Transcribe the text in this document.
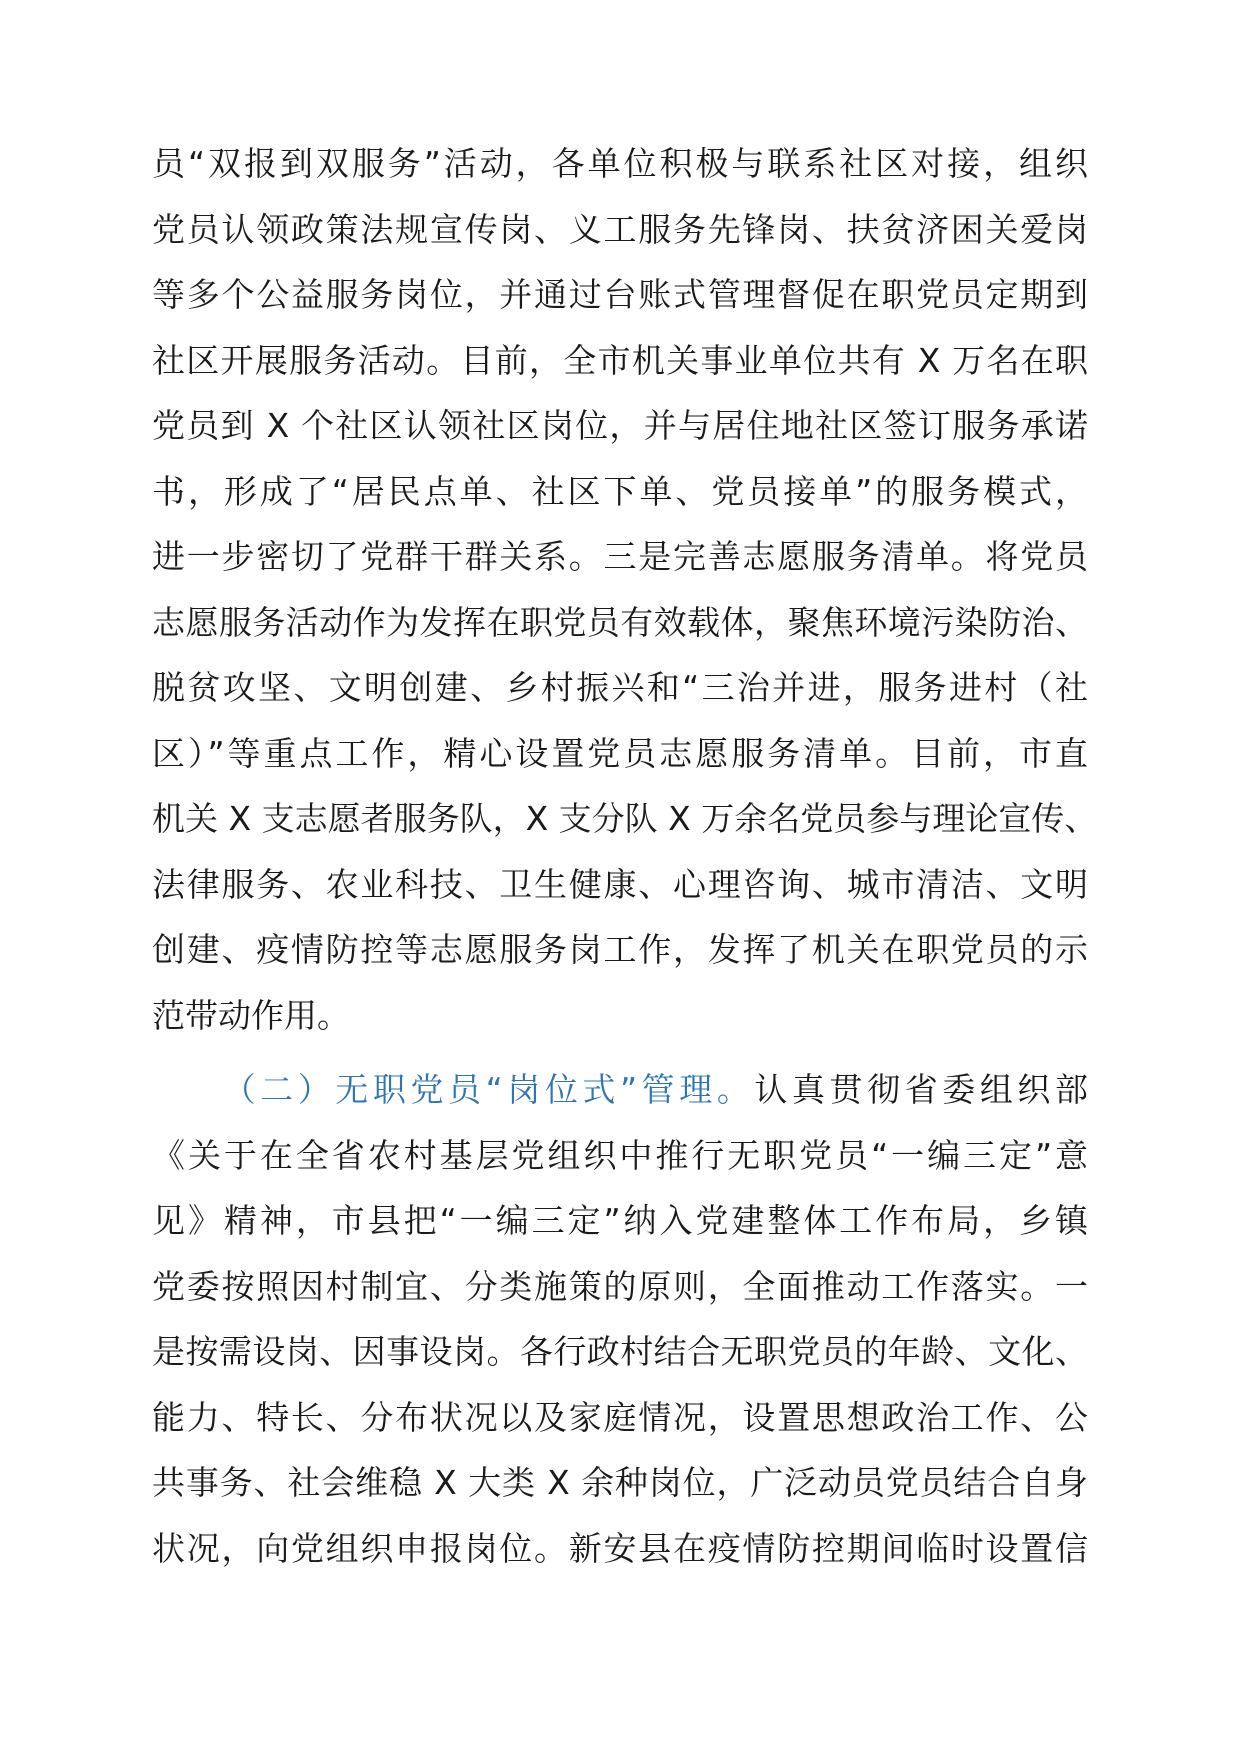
员“双报到双服务”活动，各单位积极与联系社区对接，组织
党员认领政策法规宣传岗、义工服务先锋岗、扶贫济困关爱岗
等多个公益服务岗位，并通过台账式管理督促在职党员定期到
社区开展服务活动。目前，全市机关事业单位共有 X 万名在职
党员到 X 个社区认领社区岗位，并与居住地社区签订服务承诺
书，形成了“居民点单、社区下单、党员接单”的服务模式，
进一步密切了党群干群关系。三是完善志愿服务清单。将党员
志愿服务活动作为发挥在职党员有效载体，聚焦环境污染防治、
脱贫攻坚、文明创建、乡村振兴和“三治并进，服务进村（社
区）”等重点工作，精心设置党员志愿服务清单。目前，市直
机关 X 支志愿者服务队，X 支分队 X 万余名党员参与理论宣传、
法律服务、农业科技、卫生健康、心理咨询、城市清洁、文明
创建、疫情防控等志愿服务岗工作，发挥了机关在职党员的示
范带动作用。
（二）无职党员“岗位式”管理。认真贯彻省委组织部
《关于在全省农村基层党组织中推行无职党员“一编三定”意
见》精神，市县把“一编三定”纳入党建整体工作布局，乡镇
党委按照因村制宜、分类施策的原则，全面推动工作落实。一
是按需设岗、因事设岗。各行政村结合无职党员的年龄、文化、
能力、特长、分布状况以及家庭情况，设置思想政治工作、公
共事务、社会维稳 X 大类 X 余种岗位，广泛动员党员结合自身
状况，向党组织申报岗位。新安县在疫情防控期间临时设置信
